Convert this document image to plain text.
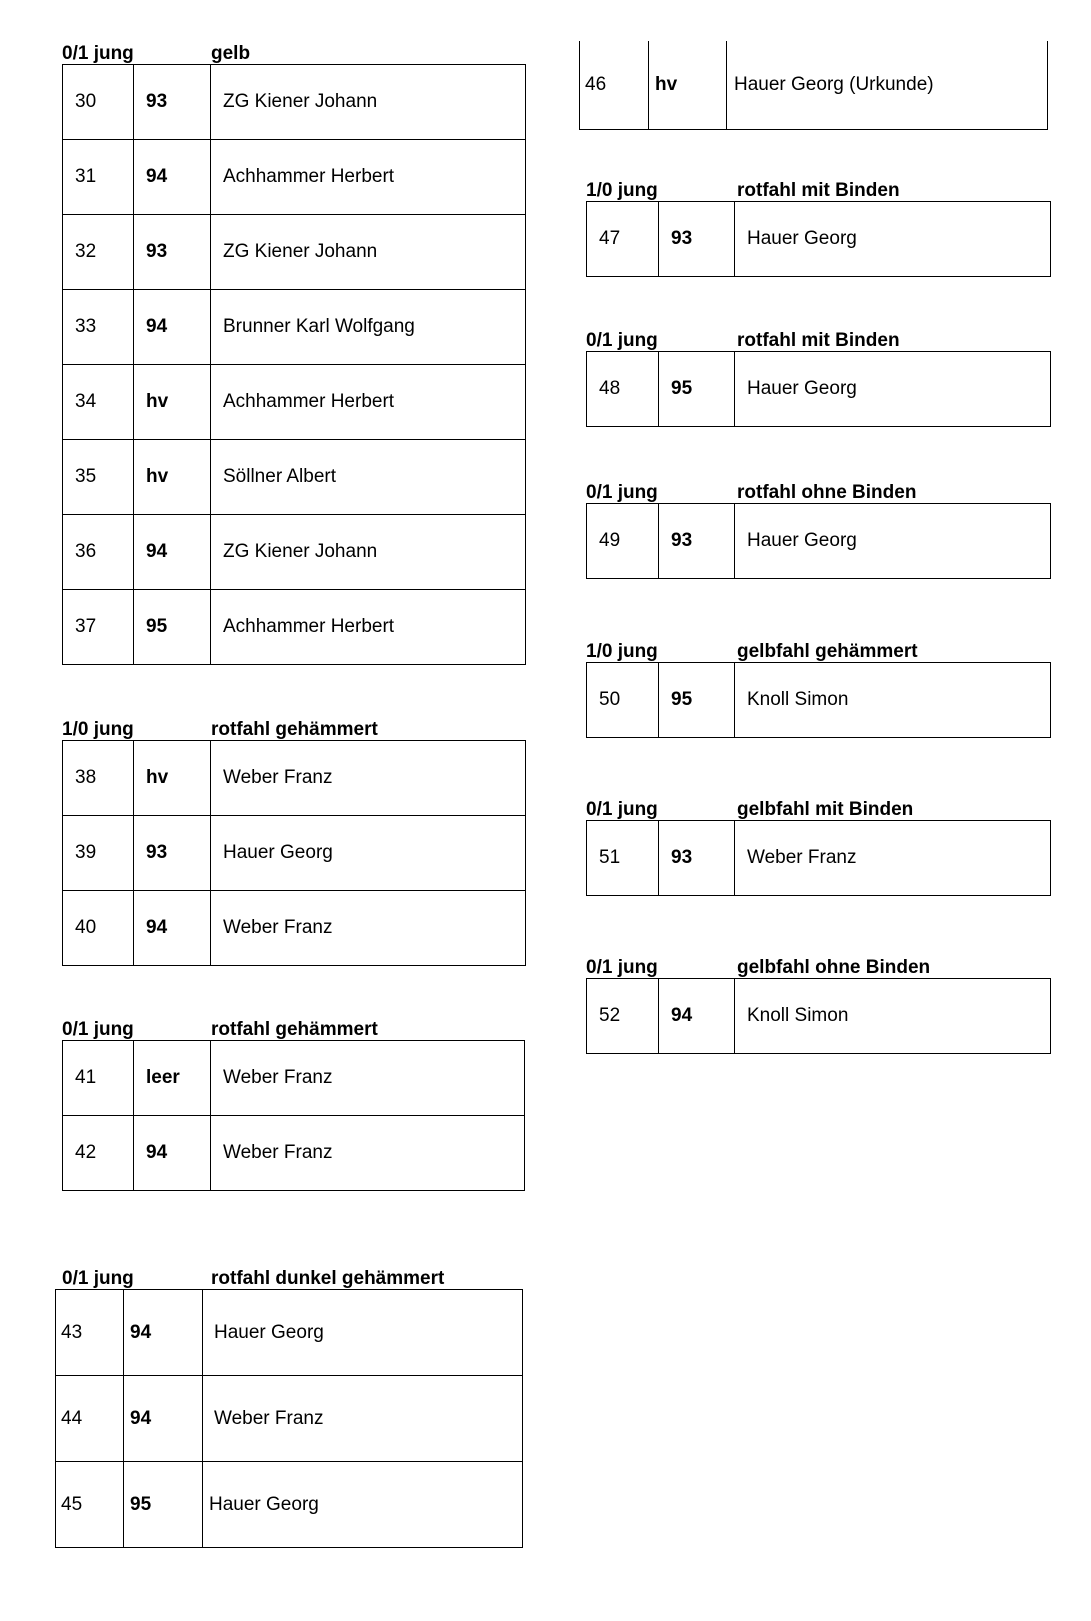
0/1 jung	gelb
30	93	ZG Kiener Johann
31	94	Achhammer Herbert
32	93	ZG Kiener Johann
33	94	Brunner Karl Wolfgang
34	hv	Achhammer Herbert
35	hv	Söllner Albert
36	94	ZG Kiener Johann
37	95	Achhammer Herbert
1/0 jung	rotfahl gehämmert
38	hv	Weber Franz
39	93	Hauer Georg
40	94	Weber Franz
0/1 jung	rotfahl gehämmert
41	leer	Weber Franz
42	94	Weber Franz
0/1 jung	rotfahl dunkel gehämmert
43	94	Hauer Georg
44	94	Weber Franz
45	95	Hauer Georg
46	hv	Hauer Georg (Urkunde)
1/0 jung	rotfahl mit Binden
47	93	Hauer Georg
0/1 jung	rotfahl mit Binden
48	95	Hauer Georg
0/1 jung	rotfahl ohne Binden
49	93	Hauer Georg
1/0 jung	gelbfahl gehämmert
50	95	Knoll Simon
0/1 jung	gelbfahl mit Binden
51	93	Weber Franz
0/1 jung	gelbfahl ohne Binden
52	94	Knoll Simon
